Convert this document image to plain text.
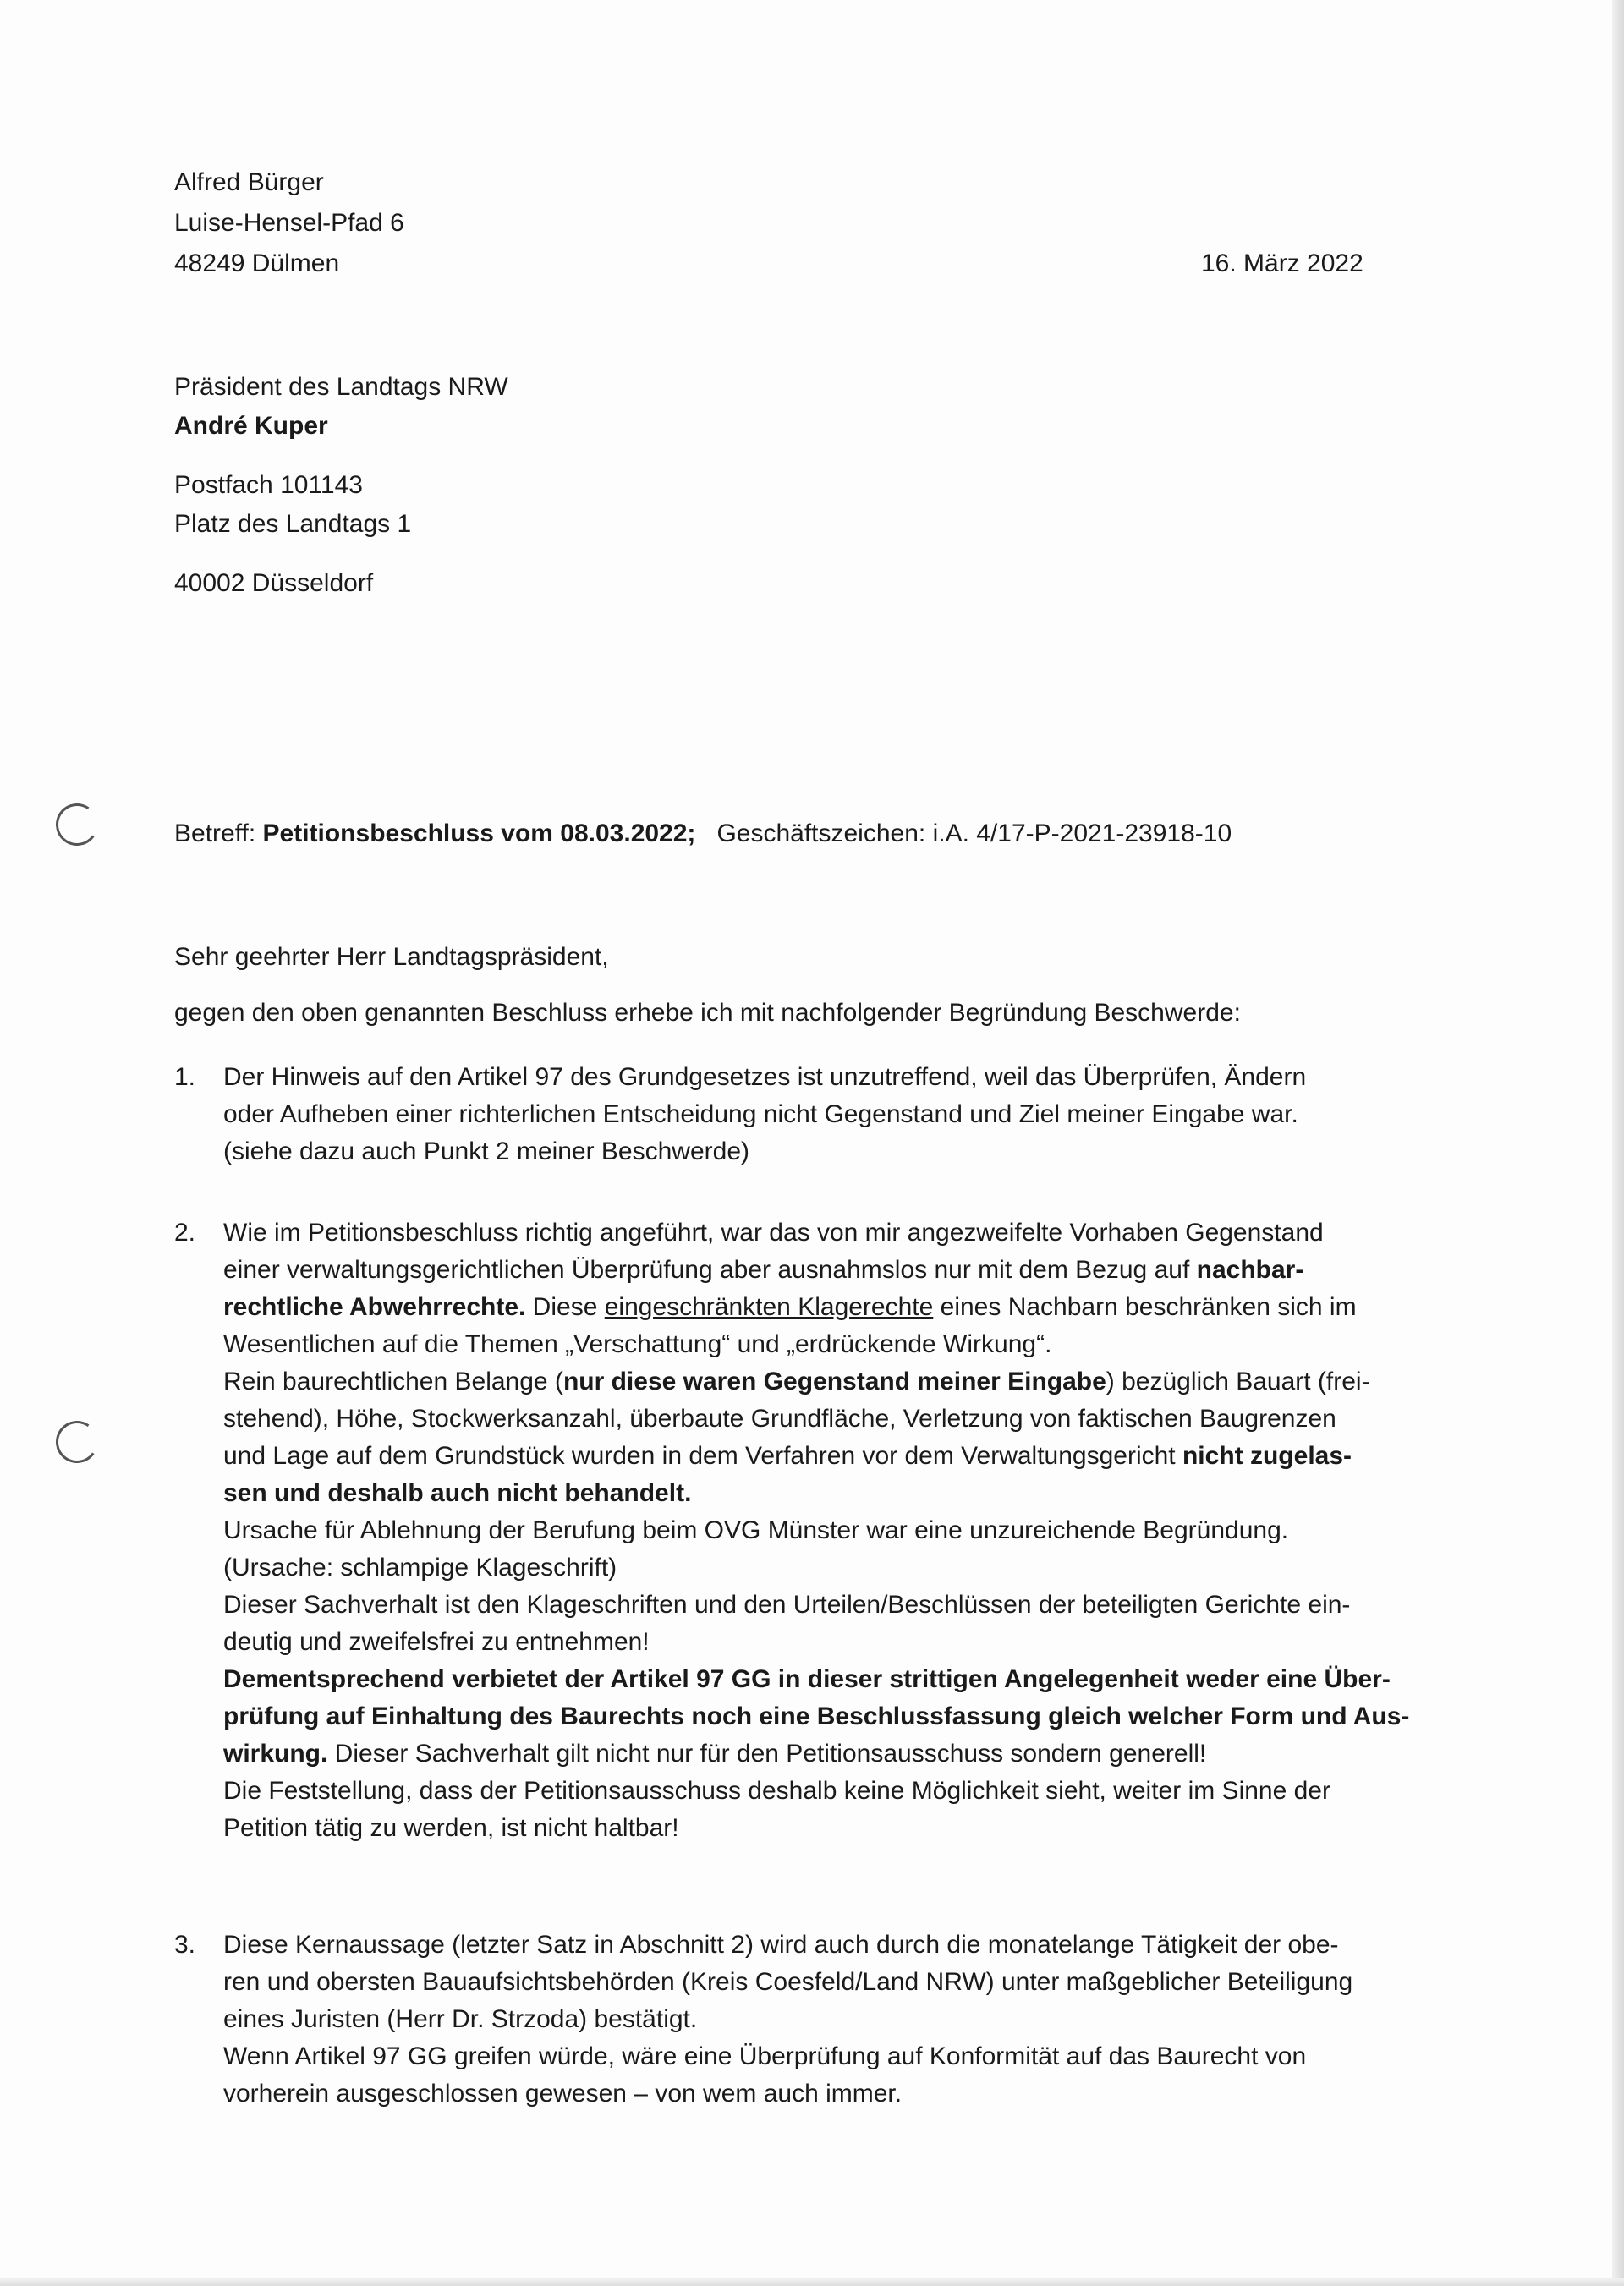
Alfred Bürger
Luise-Hensel-Pfad 6
48249 Dülmen	16. März 2022
Präsident des Landtags NRW
André Kuper
Postfach 101143
Platz des Landtags 1
40002 Düsseldorf
Betreff: Petitionsbeschluss vom 08.03.2022; Geschäftszeichen: i.A. 4/17-P-2021-23918-10
Sehr geehrter Herr Landtagspräsident,
gegen den oben genannten Beschluss erhebe ich mit nachfolgender Begründung Beschwerde:
1. Der Hinweis auf den Artikel 97 des Grundgesetzes ist unzutreffend, weil das Überprüfen, Ändern
oder Aufheben einer richterlichen Entscheidung nicht Gegenstand und Ziel meiner Eingabe war.
(siehe dazu auch Punkt 2 meiner Beschwerde)
2. Wie im Petitionsbeschluss richtig angeführt, war das von mir angezweifelte Vorhaben Gegenstand
einer verwaltungsgerichtlichen Überprüfung aber ausnahmslos nur mit dem Bezug auf nachbar-
rechtliche Abwehrrechte. Diese eingeschränkten Klagerechte eines Nachbarn beschränken sich im
Wesentlichen auf die Themen „Verschattung“ und „erdrückende Wirkung“.
Rein baurechtlichen Belange (nur diese waren Gegenstand meiner Eingabe) bezüglich Bauart (frei-
stehend), Höhe, Stockwerksanzahl, überbaute Grundfläche, Verletzung von faktischen Baugrenzen
und Lage auf dem Grundstück wurden in dem Verfahren vor dem Verwaltungsgericht nicht zugelas-
sen und deshalb auch nicht behandelt.
Ursache für Ablehnung der Berufung beim OVG Münster war eine unzureichende Begründung.
(Ursache: schlampige Klageschrift)
Dieser Sachverhalt ist den Klageschriften und den Urteilen/Beschlüssen der beteiligten Gerichte ein-
deutig und zweifelsfrei zu entnehmen!
Dementsprechend verbietet der Artikel 97 GG in dieser strittigen Angelegenheit weder eine Über-
prüfung auf Einhaltung des Baurechts noch eine Beschlussfassung gleich welcher Form und Aus-
wirkung. Dieser Sachverhalt gilt nicht nur für den Petitionsausschuss sondern generell!
Die Feststellung, dass der Petitionsausschuss deshalb keine Möglichkeit sieht, weiter im Sinne der
Petition tätig zu werden, ist nicht haltbar!
3. Diese Kernaussage (letzter Satz in Abschnitt 2) wird auch durch die monatelange Tätigkeit der obe-
ren und obersten Bauaufsichtsbehörden (Kreis Coesfeld/Land NRW) unter maßgeblicher Beteiligung
eines Juristen (Herr Dr. Strzoda) bestätigt.
Wenn Artikel 97 GG greifen würde, wäre eine Überprüfung auf Konformität auf das Baurecht von
vorherein ausgeschlossen gewesen – von wem auch immer.
